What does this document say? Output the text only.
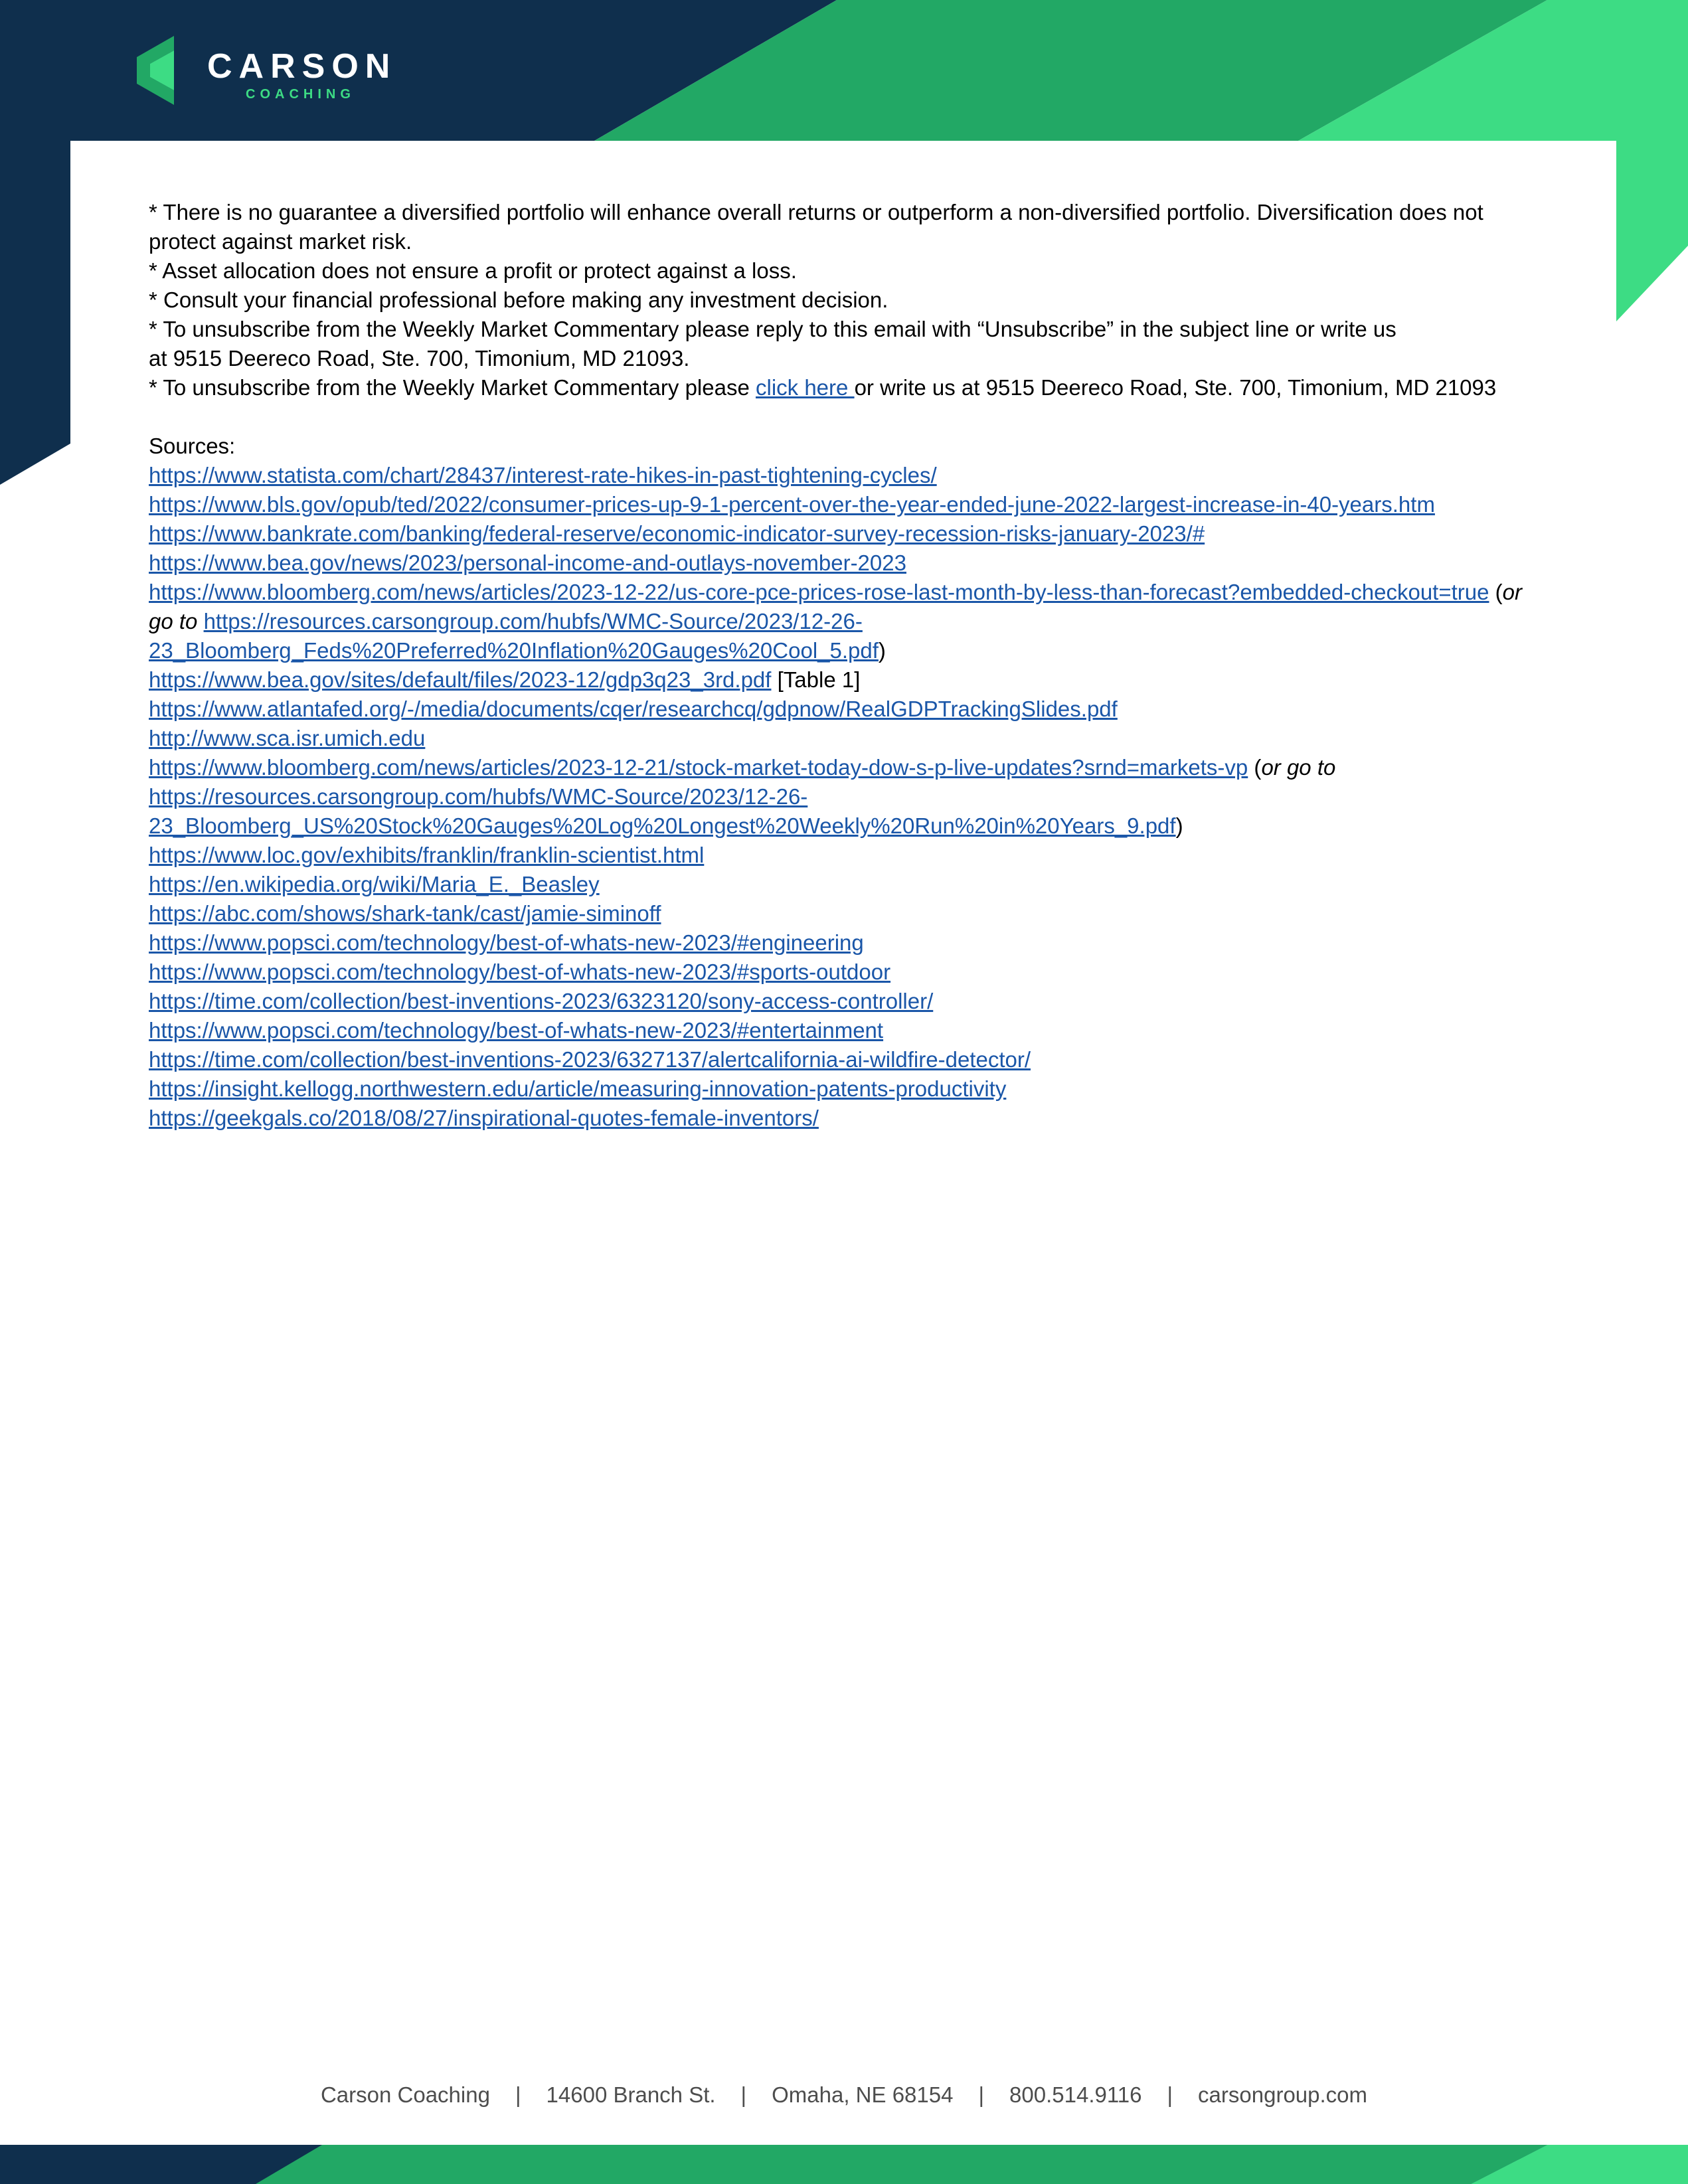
CARSON
COACHING

* There is no guarantee a diversified portfolio will enhance overall returns or outperform a non-diversified portfolio. Diversification does not protect against market risk.

* Asset allocation does not ensure a profit or protect against a loss.

* Consult your financial professional before making any investment decision.

* To unsubscribe from the Weekly Market Commentary please reply to this email with “Unsubscribe” in the subject line or write us
at 9515 Deereco Road, Ste. 700, Timonium, MD 21093.

* To unsubscribe from the Weekly Market Commentary please click here or write us at 9515 Deereco Road, Ste. 700, Timonium, MD 21093

Sources:

https://www.statista.com/chart/28437/interest-rate-hikes-in-past-tightening-cycles/

https://www.bls.gov/opub/ted/2022/consumer-prices-up-9-1-percent-over-the-year-ended-june-2022-largest-increase-in-40-years.htm

https://www.bankrate.com/banking/federal-reserve/economic-indicator-survey-recession-risks-january-2023/#

https://www.bea.gov/news/2023/personal-income-and-outlays-november-2023

https://www.bloomberg.com/news/articles/2023-12-22/us-core-pce-prices-rose-last-month-by-less-than-forecast?embedded-checkout=true (or go to https://resources.carsongroup.com/hubfs/WMC-Source/2023/12-26-23_Bloomberg_Feds%20Preferred%20Inflation%20Gauges%20Cool_5.pdf)

https://www.bea.gov/sites/default/files/2023-12/gdp3q23_3rd.pdf [Table 1]

https://www.atlantafed.org/-/media/documents/cqer/researchcq/gdpnow/RealGDPTrackingSlides.pdf

http://www.sca.isr.umich.edu

https://www.bloomberg.com/news/articles/2023-12-21/stock-market-today-dow-s-p-live-updates?srnd=markets-vp (or go to https://resources.carsongroup.com/hubfs/WMC-Source/2023/12-26-23_Bloomberg_US%20Stock%20Gauges%20Log%20Longest%20Weekly%20Run%20in%20Years_9.pdf)

https://www.loc.gov/exhibits/franklin/franklin-scientist.html

https://en.wikipedia.org/wiki/Maria_E._Beasley

https://abc.com/shows/shark-tank/cast/jamie-siminoff

https://www.popsci.com/technology/best-of-whats-new-2023/#engineering

https://www.popsci.com/technology/best-of-whats-new-2023/#sports-outdoor

https://time.com/collection/best-inventions-2023/6323120/sony-access-controller/

https://www.popsci.com/technology/best-of-whats-new-2023/#entertainment

https://time.com/collection/best-inventions-2023/6327137/alertcalifornia-ai-wildfire-detector/

https://insight.kellogg.northwestern.edu/article/measuring-innovation-patents-productivity

https://geekgals.co/2018/08/27/inspirational-quotes-female-inventors/

Carson Coaching | 14600 Branch St. | Omaha, NE 68154 | 800.514.9116 | carsongroup.com
